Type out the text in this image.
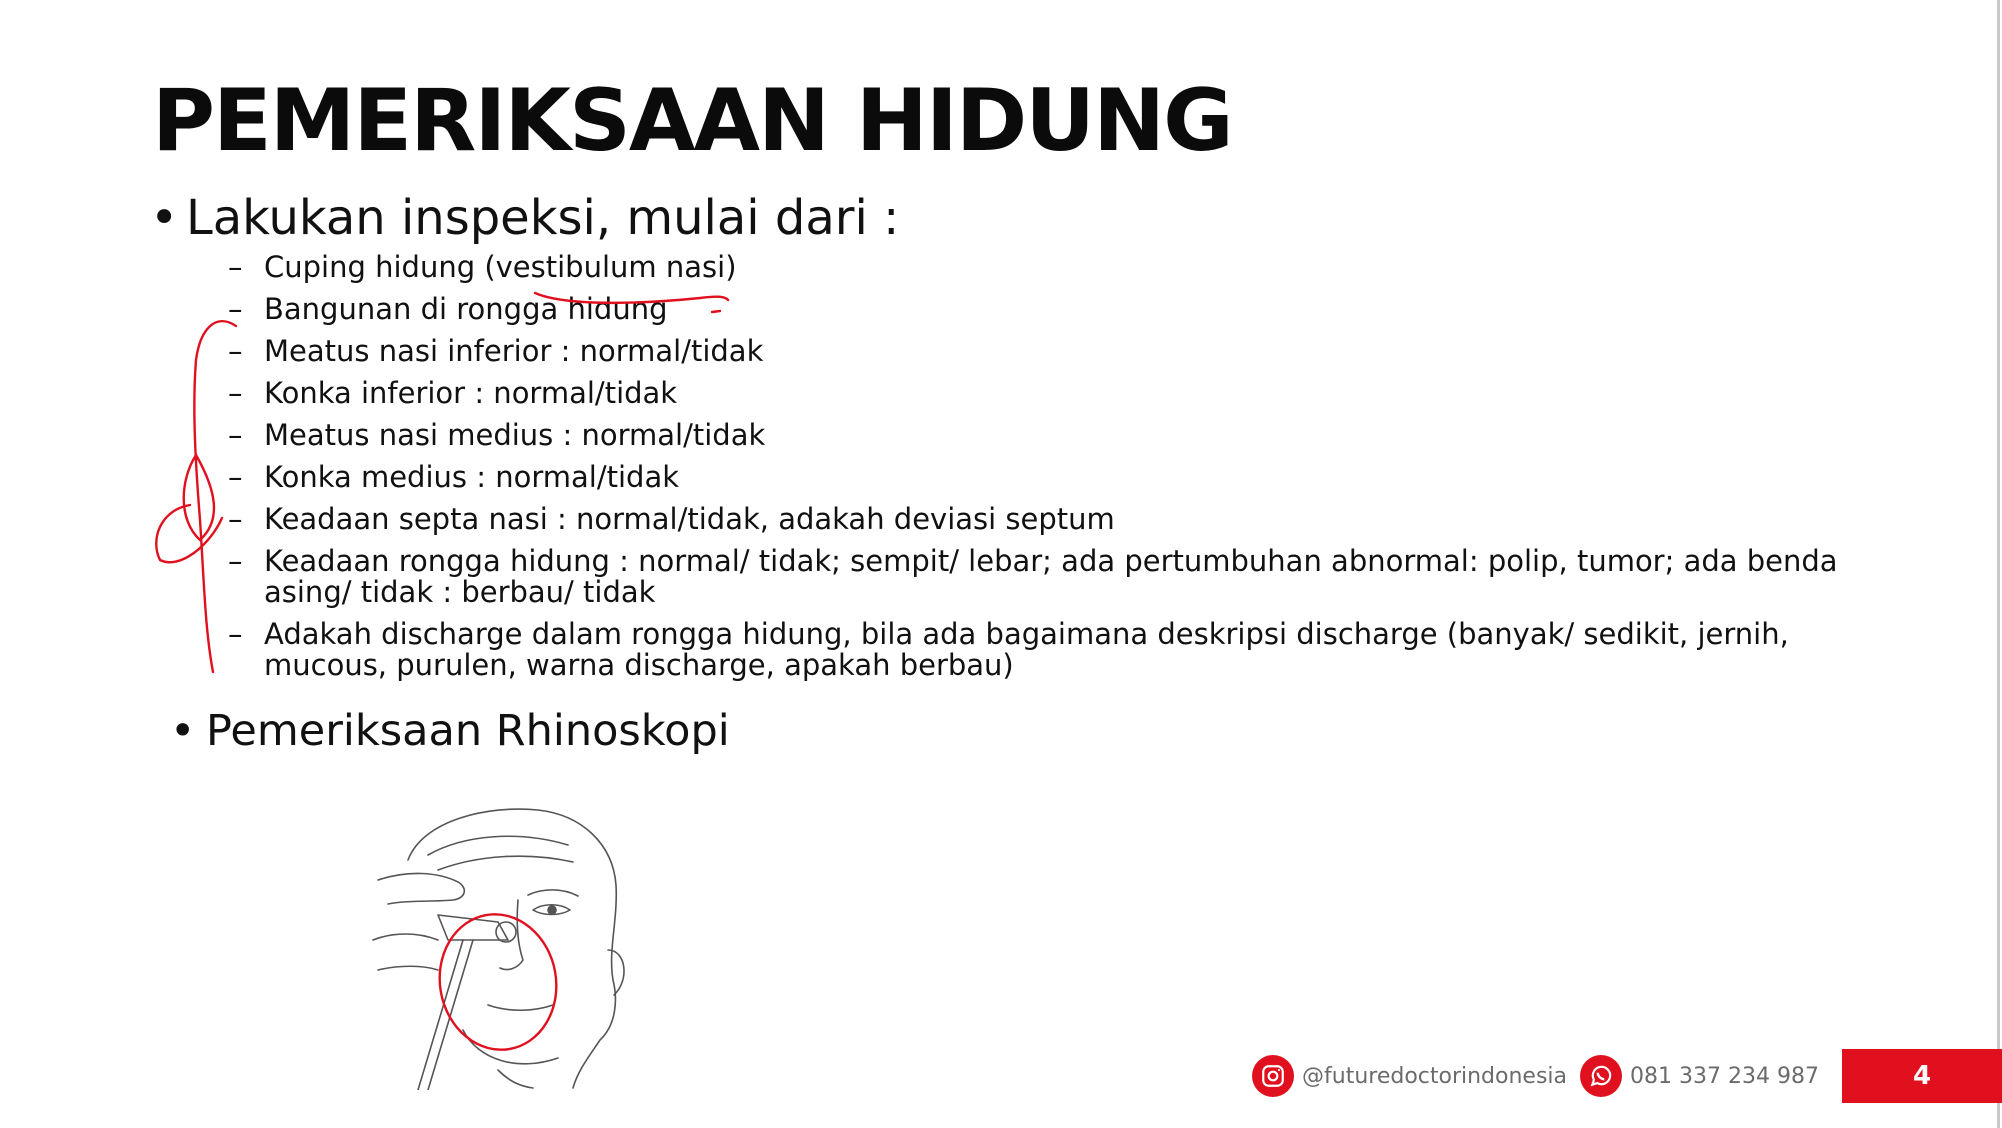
PEMERIKSAAN HIDUNG
• Lakukan inspeksi, mulai dari :
– Cuping hidung (vestibulum nasi)
– Bangunan di rongga hidung
– Meatus nasi inferior : normal/tidak
– Konka inferior : normal/tidak
– Meatus nasi medius : normal/tidak
– Konka medius : normal/tidak
– Keadaan septa nasi : normal/tidak, adakah deviasi septum
– Keadaan rongga hidung : normal/ tidak; sempit/ lebar; ada pertumbuhan abnormal: polip, tumor; ada benda asing/ tidak : berbau/ tidak
– Adakah discharge dalam rongga hidung, bila ada bagaimana deskripsi discharge (banyak/ sedikit, jernih, mucous, purulen, warna discharge, apakah berbau)
• Pemeriksaan Rhinoskopi
@futuredoctorindonesia	081 337 234 987	4
